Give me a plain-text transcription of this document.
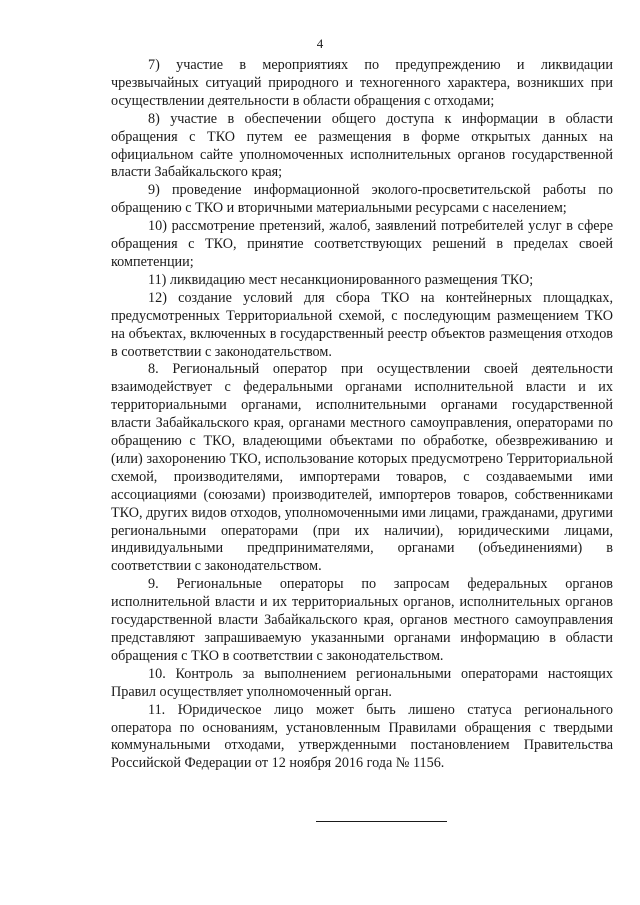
4

7) участие в мероприятиях по предупреждению и ликвидации чрезвычайных ситуаций природного и техногенного характера, возникших при осуществлении деятельности в области обращения с отходами;

8) участие в обеспечении общего доступа к информации в области обращения с ТКО путем ее размещения в форме открытых данных на официальном сайте уполномоченных исполнительных органов государственной власти Забайкальского края;

9) проведение информационной эколого-просветительской работы по обращению с ТКО и вторичными материальными ресурсами с населением;

10) рассмотрение претензий, жалоб, заявлений потребителей услуг в сфере обращения с ТКО, принятие соответствующих решений в пределах своей компетенции;

11) ликвидацию мест несанкционированного размещения ТКО;

12) создание условий для сбора ТКО на контейнерных площадках, предусмотренных Территориальной схемой, с последующим размещением ТКО на объектах, включенных в государственный реестр объектов размещения отходов в соответствии с законодательством.

8. Региональный оператор при осуществлении своей деятельности взаимодействует с федеральными органами исполнительной власти и их территориальными органами, исполнительными органами государственной власти Забайкальского края, органами местного самоуправления, операторами по обращению с ТКО, владеющими объектами по обработке, обезвреживанию и (или) захоронению ТКО, использование которых предусмотрено Территориальной схемой, производителями, импортерами товаров, с создаваемыми ими ассоциациями (союзами) производителей, импортеров товаров, собственниками ТКО, других видов отходов, уполномоченными ими лицами, гражданами, другими региональными операторами (при их наличии), юридическими лицами, индивидуальными предпринимателями, органами (объединениями) в соответствии с законодательством.

9. Региональные операторы по запросам федеральных органов исполнительной власти и их территориальных органов, исполнительных органов государственной власти Забайкальского края, органов местного самоуправления представляют запрашиваемую указанными органами информацию в области обращения с ТКО в соответствии с законодательством.

10. Контроль за выполнением региональными операторами настоящих Правил осуществляет уполномоченный орган.

11. Юридическое лицо может быть лишено статуса регионального оператора по основаниям, установленным Правилами обращения с твердыми коммунальными отходами, утвержденными постановлением Правительства Российской Федерации от 12 ноября 2016 года № 1156.
